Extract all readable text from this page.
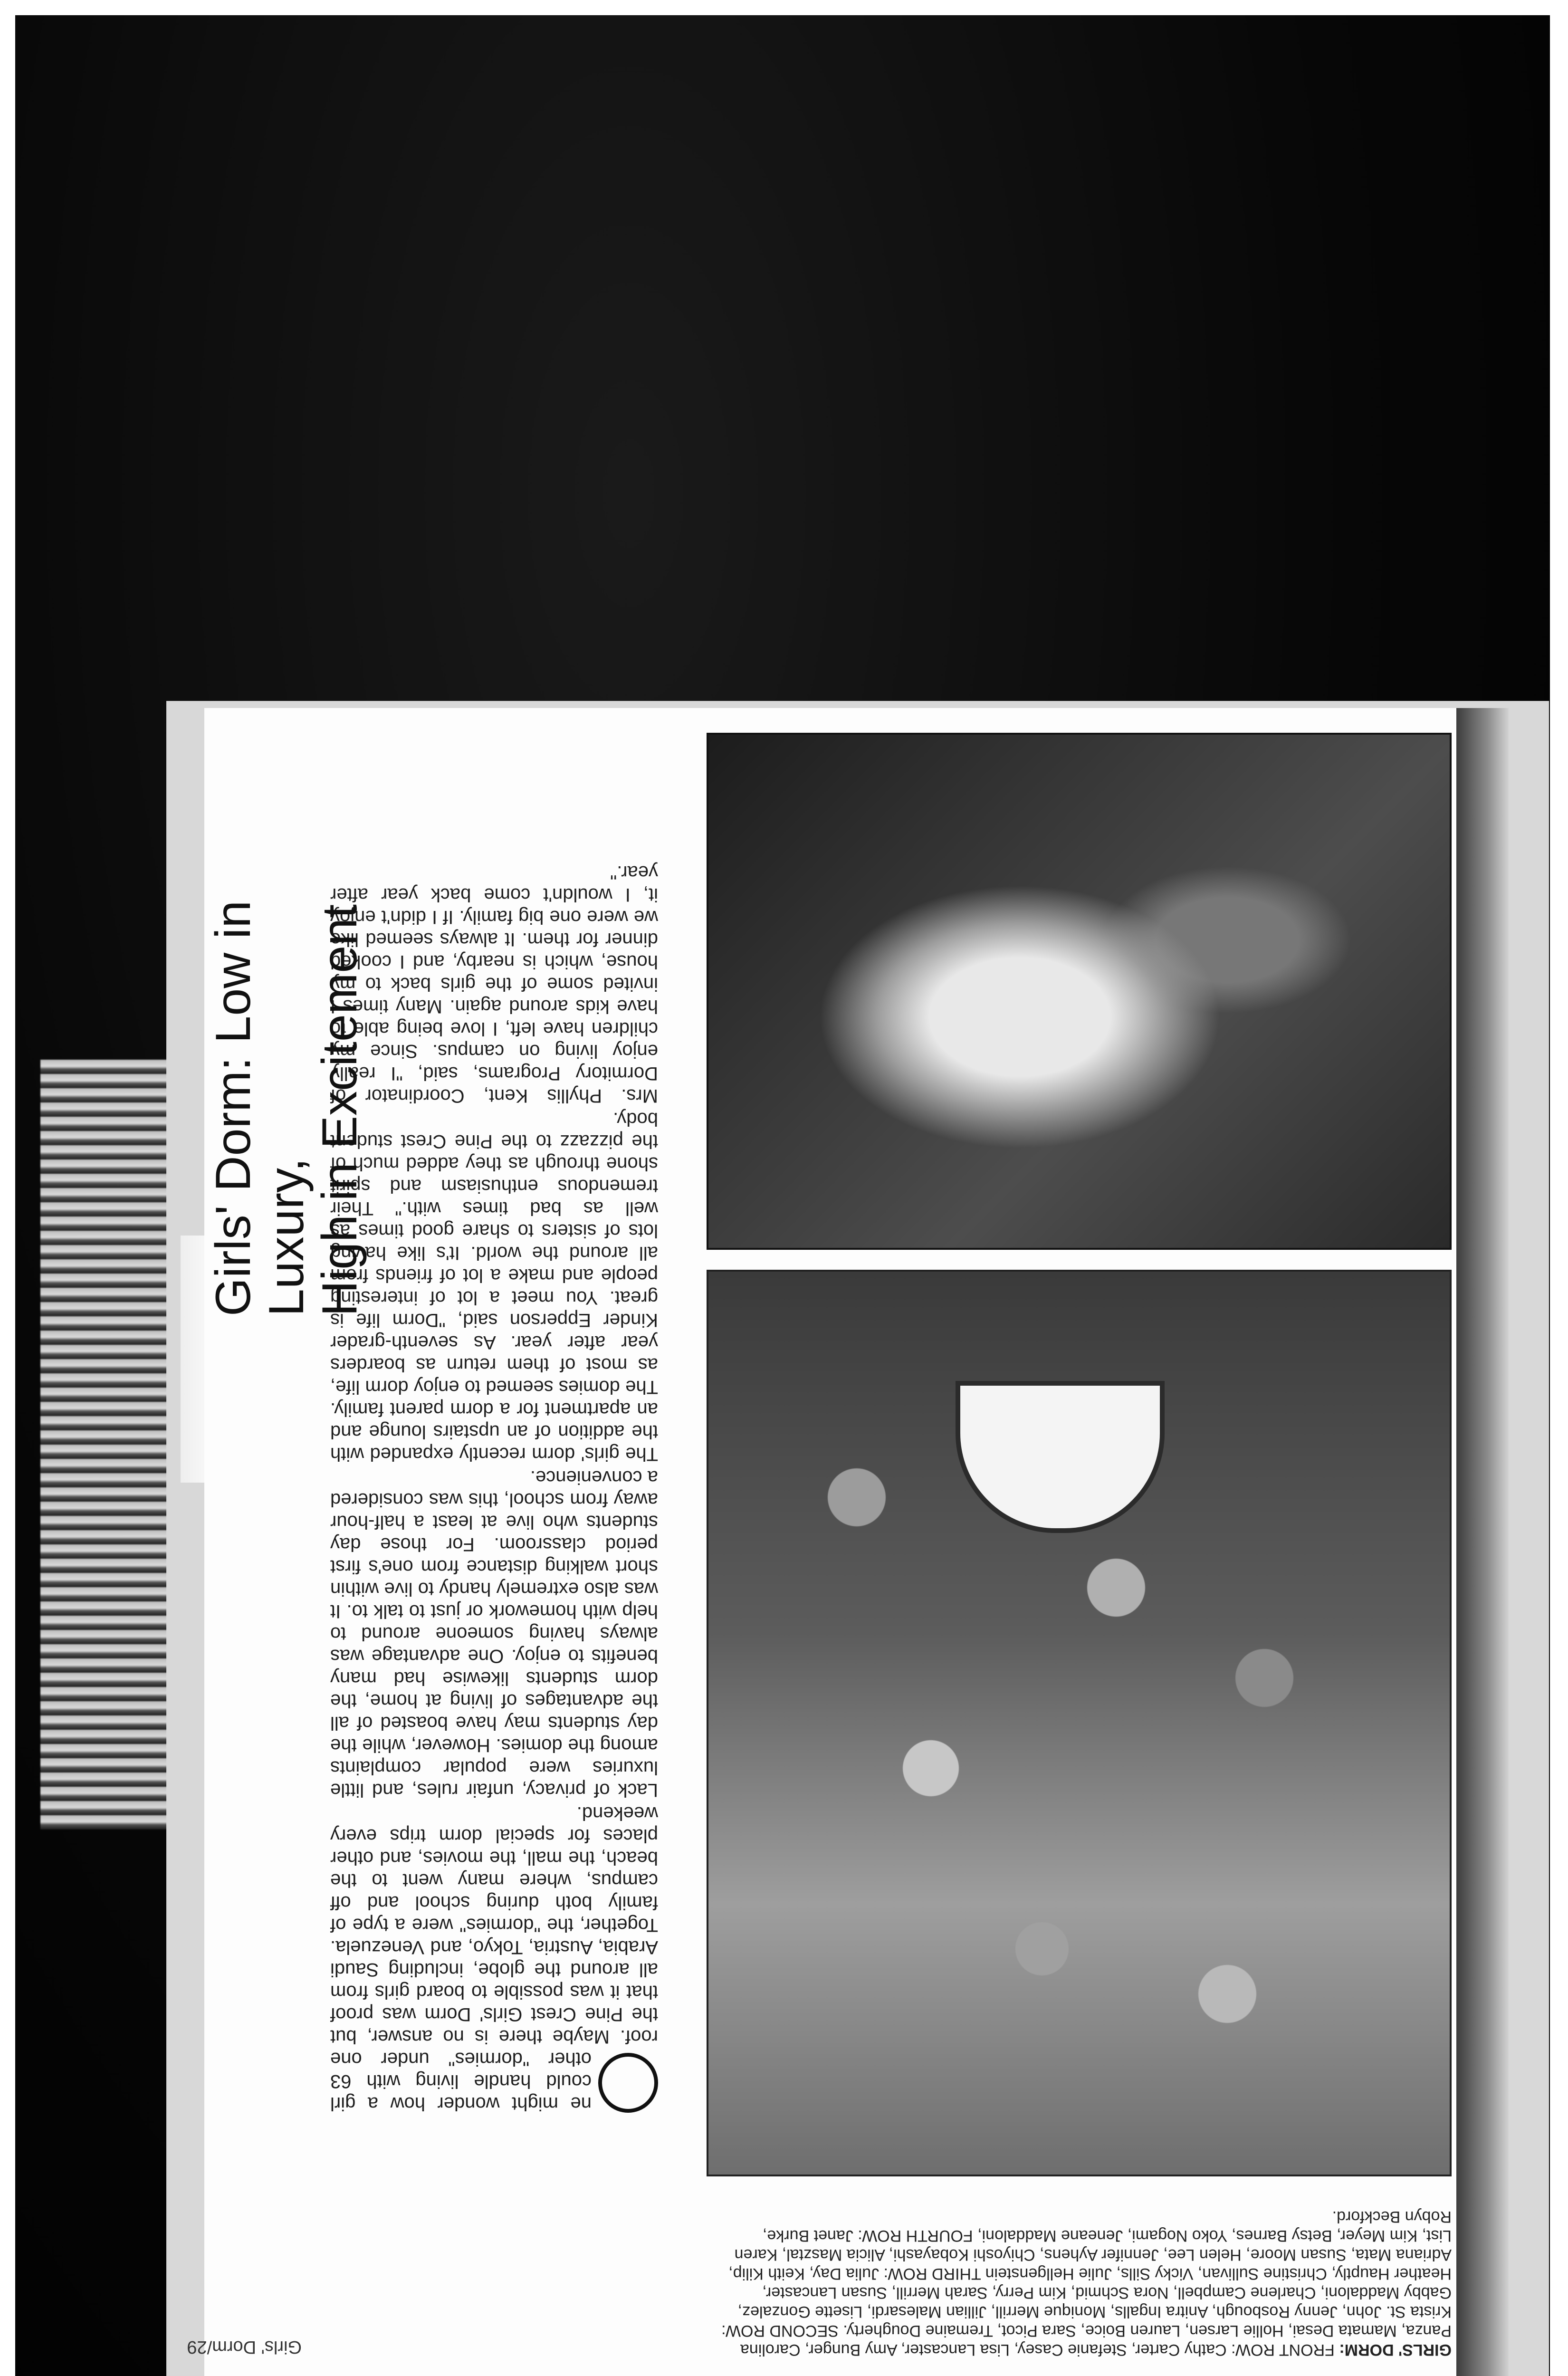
GIRLS' DORM: FRONT ROW: Cathy Carter, Stefanie Casey, Lisa Lancaster, Amy Bunger, Carolina Panza, Mamata Desai, Hollie Larsen, Lauren Boice, Sara Picot, Tremaine Dougherty. SECOND ROW: Krista St. John, Jenny Rosbough, Anitra Ingalls, Monique Merrill, Jillian Malesardi, Lisette Gonzalez, Gabby Maddaloni, Charlene Campbell, Nora Schmid, Kim Perry, Sarah Merrill, Susan Lancaster, Heather Hauptly, Christine Sullivan, Vicky Sills, Julie Hellgenstein THIRD ROW: Julia Day, Keith Kilip, Adriana Mata, Susan Moore, Helen Lee, Jennifer Ayhens, Chiyoshi Kobayashi, Alicia Masztal, Karen List, Kim Meyer, Betsy Barnes, Yoko Nogami, Jeneane Maddaloni, FOURTH ROW: Janet Burke, Robyn Beckford.

ne might wonder how a girl could handle living with 63 other "dormies" under one roof. Maybe there is no answer, but the Pine Crest Girls' Dorm was proof that it was possible to board girls from all around the globe, including Saudi Arabia, Austria, Tokyo, and Venezuela. Together, the "dormies" were a type of family both during school and off campus, where many went to the beach, the mall, the movies, and other places for special dorm trips every weekend.

Lack of privacy, unfair rules, and little luxuries were popular complaints among the domies. However, while the day students may have boasted of all the advantages of living at home, the dorm students likewise had many benefits to enjoy. One advantage was always having someone around to help with homework or just to talk to. It was also extremely handy to live within short walking distance from one's first period classroom. For those day students who live at least a half-hour away from school, this was considered a convenience.

The girls' dorm recently expanded with the addition of an upstairs lounge and an apartment for a dorm parent family. The domies seemed to enjoy dorm life, as most of them return as boarders year after year. As seventh-grader Kinder Epperson said, "Dorm life is great. You meet a lot of interesting people and make a lot of friends from all around the world. It's like having lots of sisters to share good times as well as bad times with." Their tremendous enthusiasm and spirit shone through as they added much of the pizzazz to the Pine Crest student body.

Mrs. Phyllis Kent, Coordinator of Dormitory Programs, said, "I really enjoy living on campus. Since my children have left, I love being able to have kids around again. Many times I invited some of the girls back to my house, which is nearby, and I cooked dinner for them. It always seemed like we were one big family. If I didn't enjoy it, I wouldn't come back year after year."

Girls' Dorm: Low in Luxury,
High in Excitement
Girls' Dorm/29
